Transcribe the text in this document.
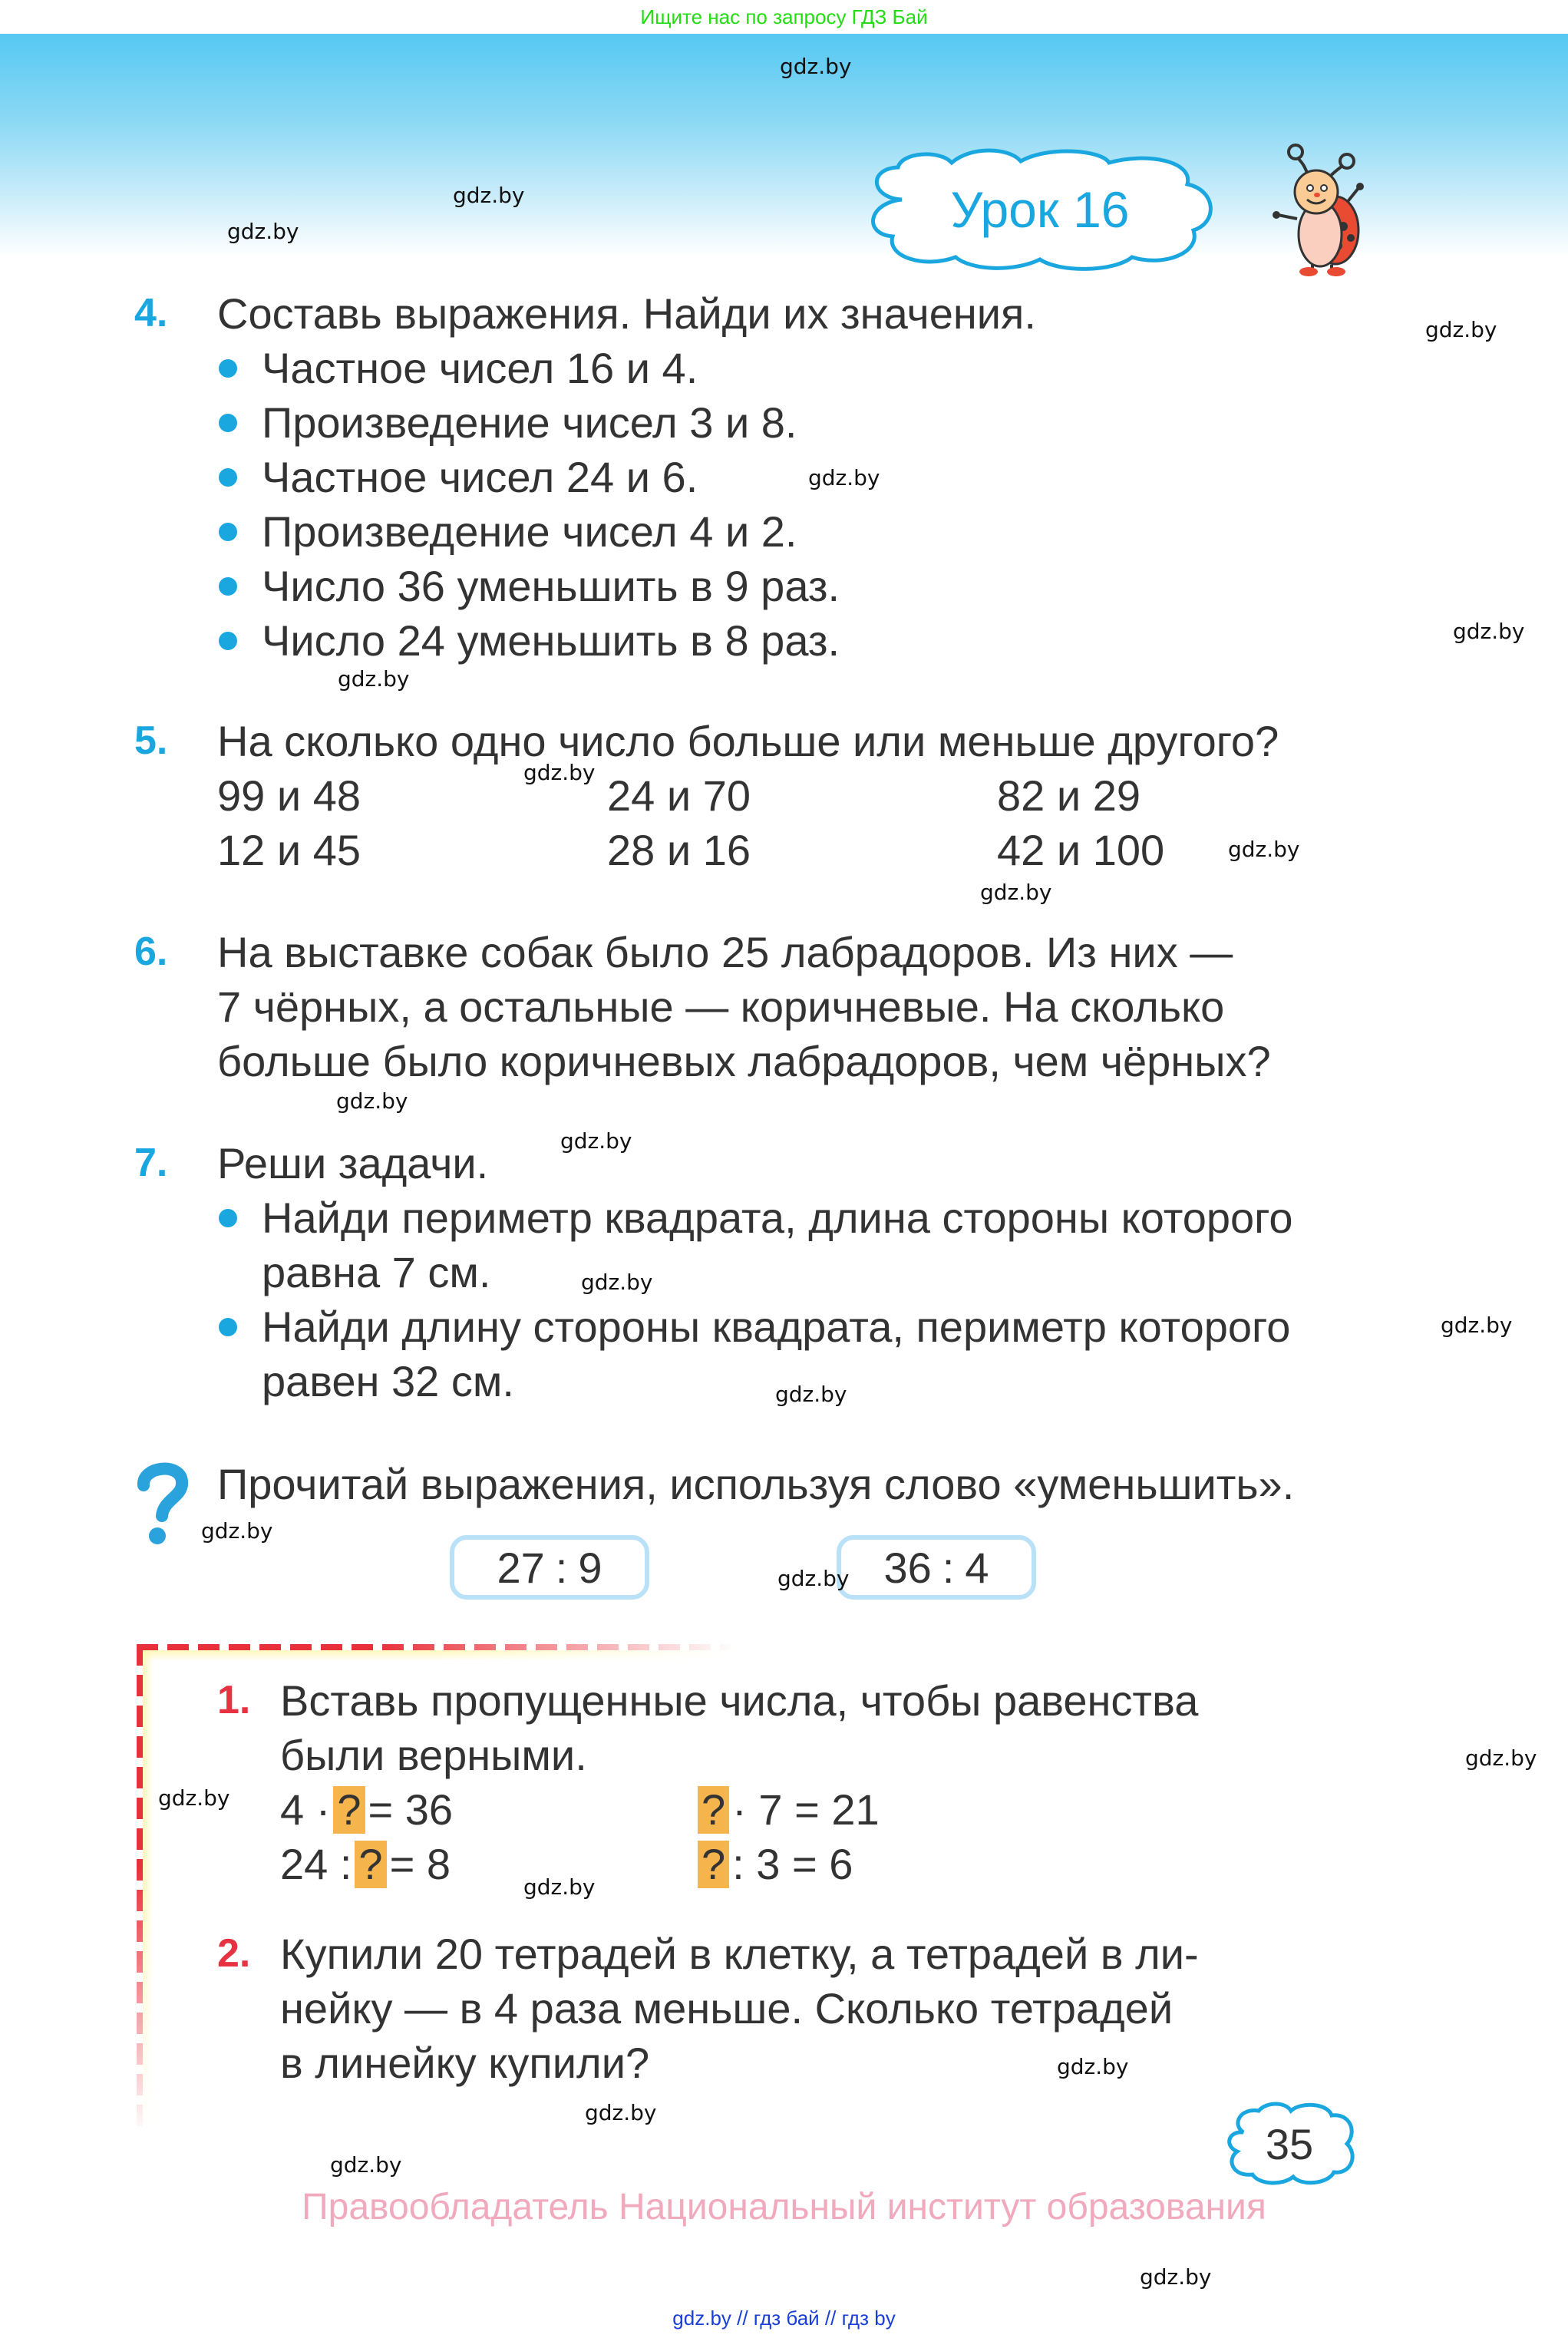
Ищите нас по запросу ГДЗ Бай
Урок 16
4. Составь выражения. Найди их значения.
Частное чисел 16 и 4.
Произведение чисел 3 и 8.
Частное чисел 24 и 6.
Произведение чисел 4 и 2.
Число 36 уменьшить в 9 раз.
Число 24 уменьшить в 8 раз.
5. На сколько одно число больше или меньше другого?
99 и 48	24 и 70	82 и 29
12 и 45	28 и 16	42 и 100
6. На выставке собак было 25 лабрадоров. Из них —
7 чёрных, а остальные — коричневые. На сколько
больше было коричневых лабрадоров, чем чёрных?
7. Реши задачи.
Найди периметр квадрата, длина стороны которого
равна 7 см.
Найди длину стороны квадрата, периметр которого
равен 32 см.
Прочитай выражения, используя слово «уменьшить».
27 : 9	36 : 4
1. Вставь пропущенные числа, чтобы равенства
были верными.
4 · ? = 36	? · 7 = 21
24 : ? = 8	? : 3 = 6
2. Купили 20 тетрадей в клетку, а тетрадей в ли-
нейку — в 4 раза меньше. Сколько тетрадей
в линейку купили?
35
Правообладатель Национальный институт образования
gdz.by // гдз бай // гдз by
gdz.by
gdz.by
gdz.by
gdz.by
gdz.by
gdz.by
gdz.by
gdz.by
gdz.by
gdz.by
gdz.by
gdz.by
gdz.by
gdz.by
gdz.by
gdz.by
gdz.by
gdz.by
gdz.by
gdz.by
gdz.by
gdz.by
gdz.by
gdz.by
